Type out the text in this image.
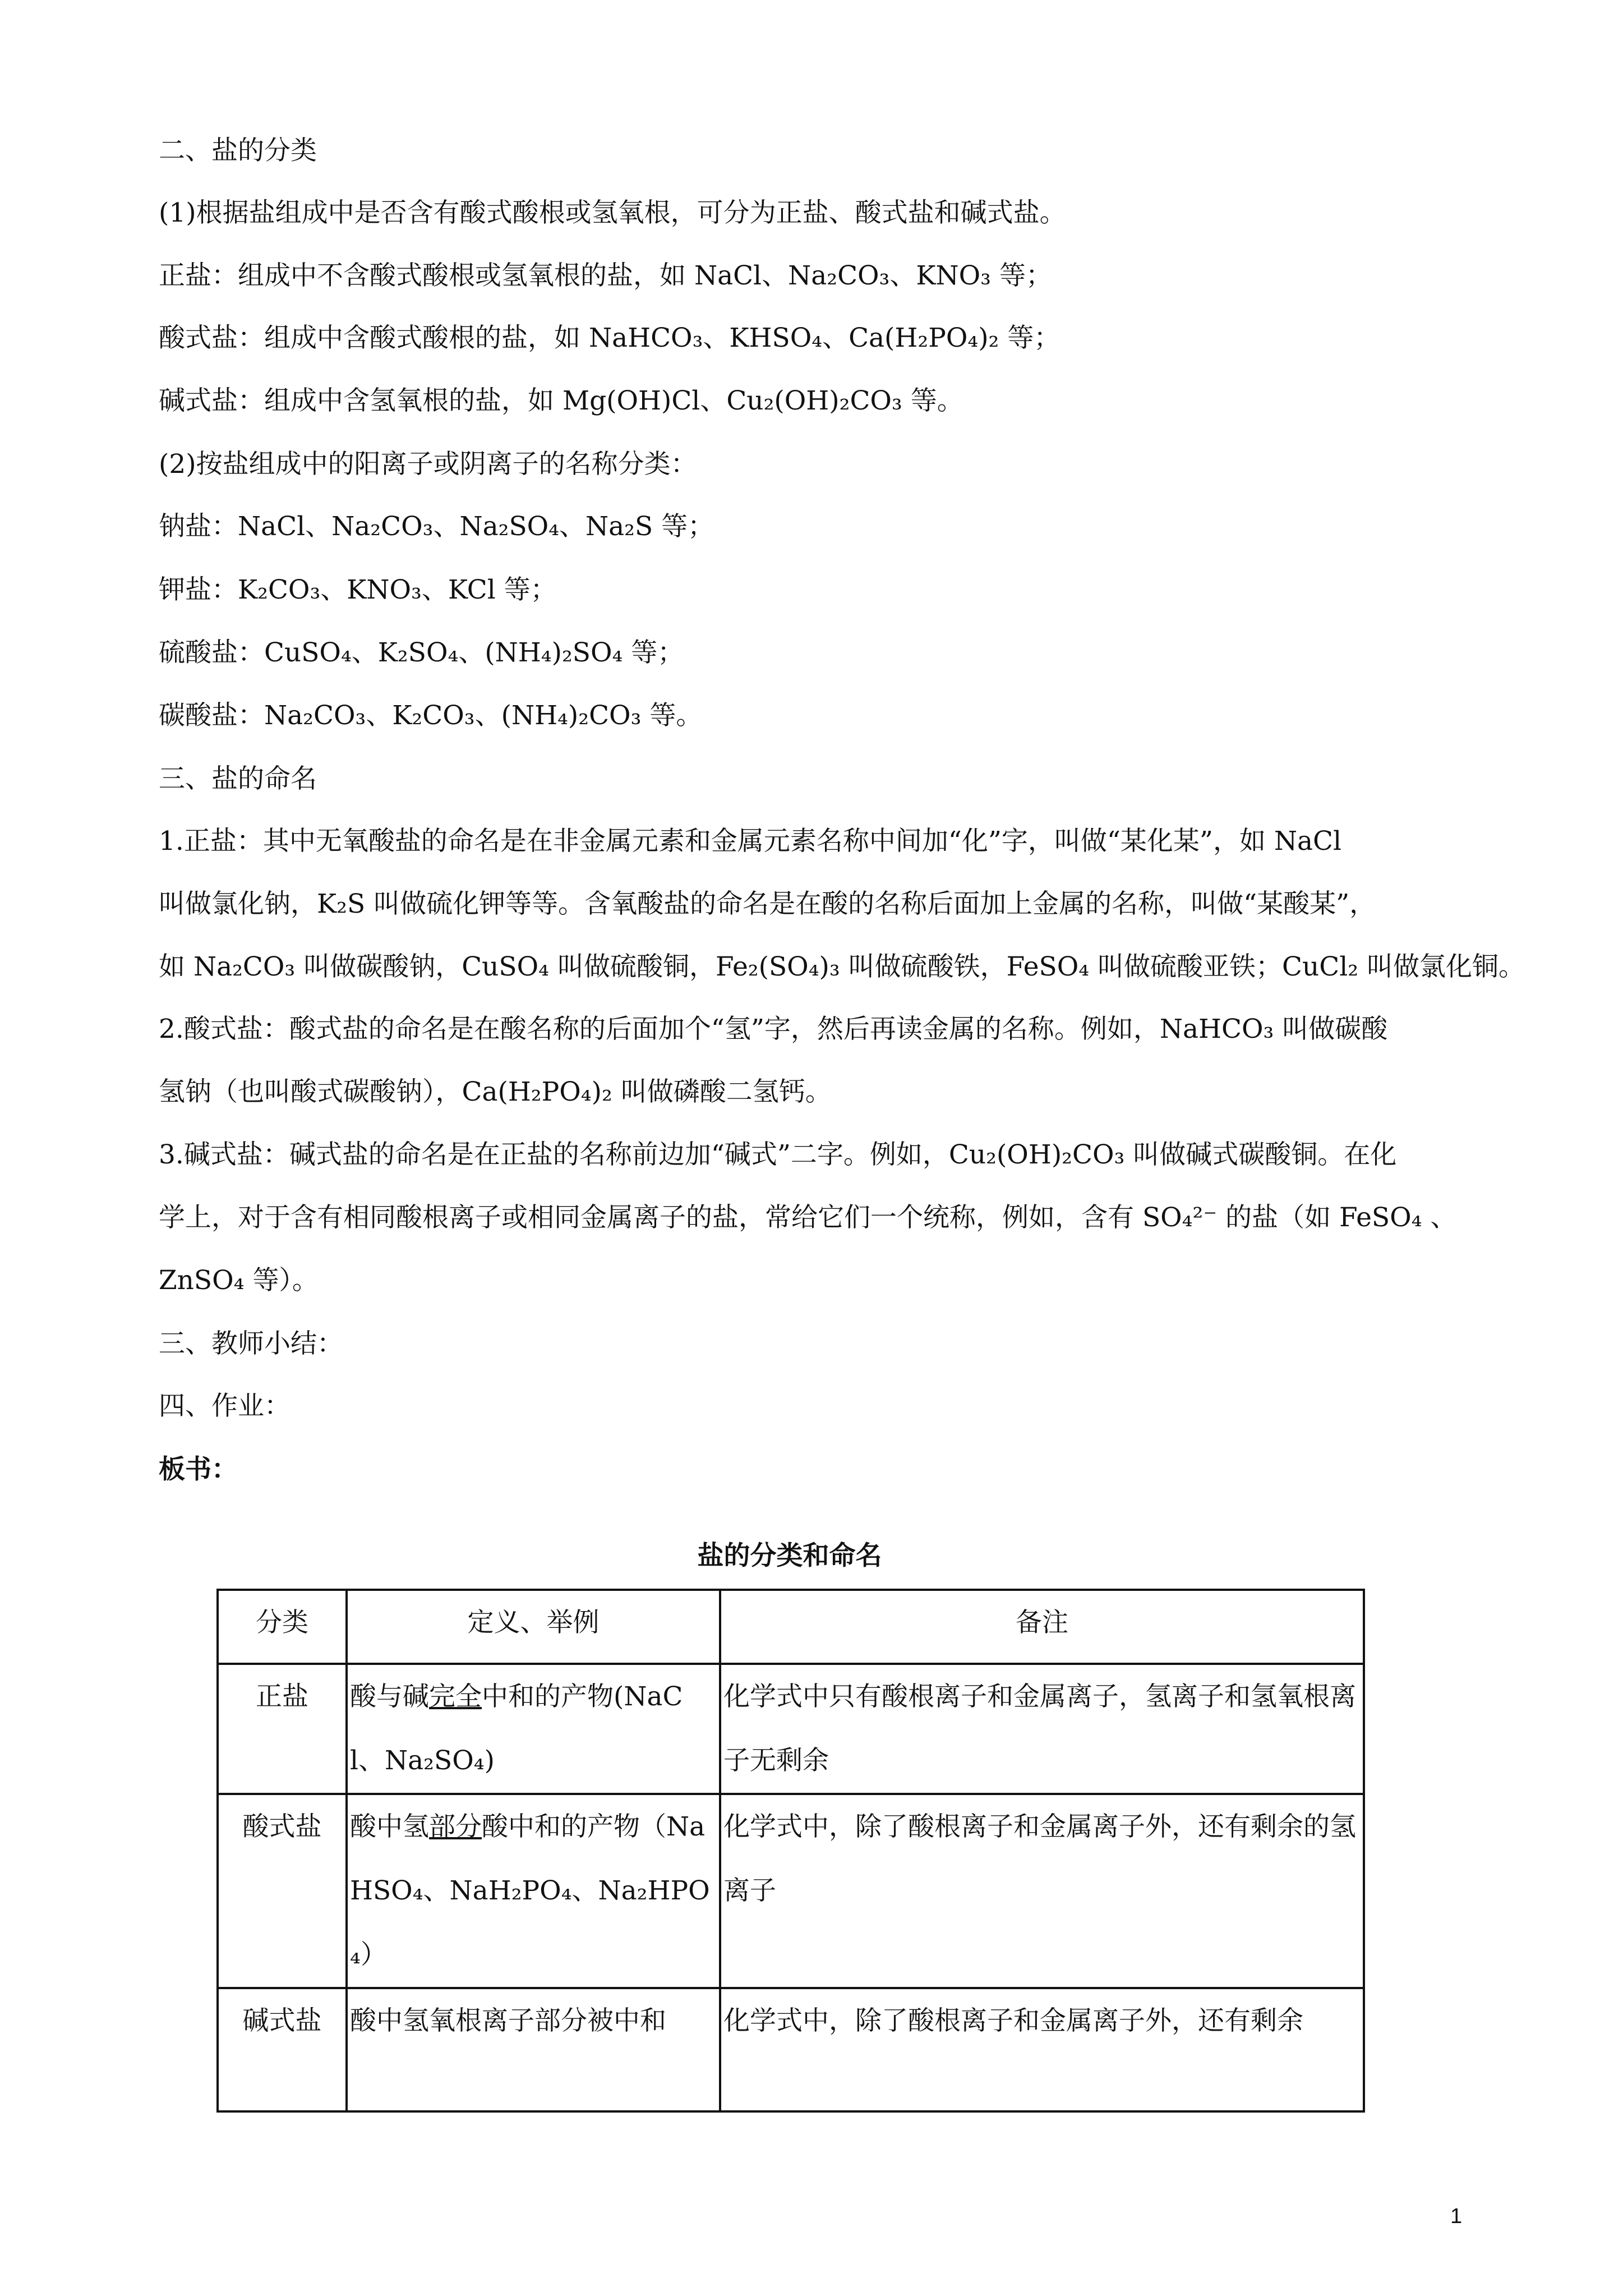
二、盐的分类
(1)根据盐组成中是否含有酸式酸根或氢氧根，可分为正盐、酸式盐和碱式盐。
正盐：组成中不含酸式酸根或氢氧根的盐，如 NaCl、Na₂CO₃、KNO₃ 等；
酸式盐：组成中含酸式酸根的盐，如 NaHCO₃、KHSO₄、Ca(H₂PO₄)₂ 等；
碱式盐：组成中含氢氧根的盐，如 Mg(OH)Cl、Cu₂(OH)₂CO₃ 等。
(2)按盐组成中的阳离子或阴离子的名称分类：
钠盐：NaCl、Na₂CO₃、Na₂SO₄、Na₂S 等；
钾盐：K₂CO₃、KNO₃、KCl 等；
硫酸盐：CuSO₄、K₂SO₄、(NH₄)₂SO₄ 等；
碳酸盐：Na₂CO₃、K₂CO₃、(NH₄)₂CO₃ 等。
三、盐的命名
1.正盐：其中无氧酸盐的命名是在非金属元素和金属元素名称中间加“化”字，叫做“某化某”，如 NaCl
叫做氯化钠，K₂S 叫做硫化钾等等。含氧酸盐的命名是在酸的名称后面加上金属的名称，叫做“某酸某”，
如 Na₂CO₃ 叫做碳酸钠，CuSO₄ 叫做硫酸铜，Fe₂(SO₄)₃ 叫做硫酸铁，FeSO₄ 叫做硫酸亚铁；CuCl₂ 叫做氯化铜。
2.酸式盐：酸式盐的命名是在酸名称的后面加个“氢”字，然后再读金属的名称。例如，NaHCO₃ 叫做碳酸
氢钠（也叫酸式碳酸钠），Ca(H₂PO₄)₂ 叫做磷酸二氢钙。
3.碱式盐：碱式盐的命名是在正盐的名称前边加“碱式”二字。例如，Cu₂(OH)₂CO₃ 叫做碱式碳酸铜。在化
学上，对于含有相同酸根离子或相同金属离子的盐，常给它们一个统称，例如，含有 SO₄²⁻ 的盐（如 FeSO₄ 、
ZnSO₄ 等）。
三、教师小结：
四、作业：
板书：
盐的分类和命名
分类	定义、举例	备注
正盐	酸与碱完全中和的产物(NaCl、Na₂SO₄)	化学式中只有酸根离子和金属离子，氢离子和氢氧根离子无剩余

酸式盐	酸中氢部分酸中和的产物（NaHSO₄、NaH₂PO₄、Na₂HPO₄）	化学式中，除了酸根离子和金属离子外，还有剩余的氢离子

碱式盐	酸中氢氧根离子部分被中和	化学式中，除了酸根离子和金属离子外，还有剩余
1
